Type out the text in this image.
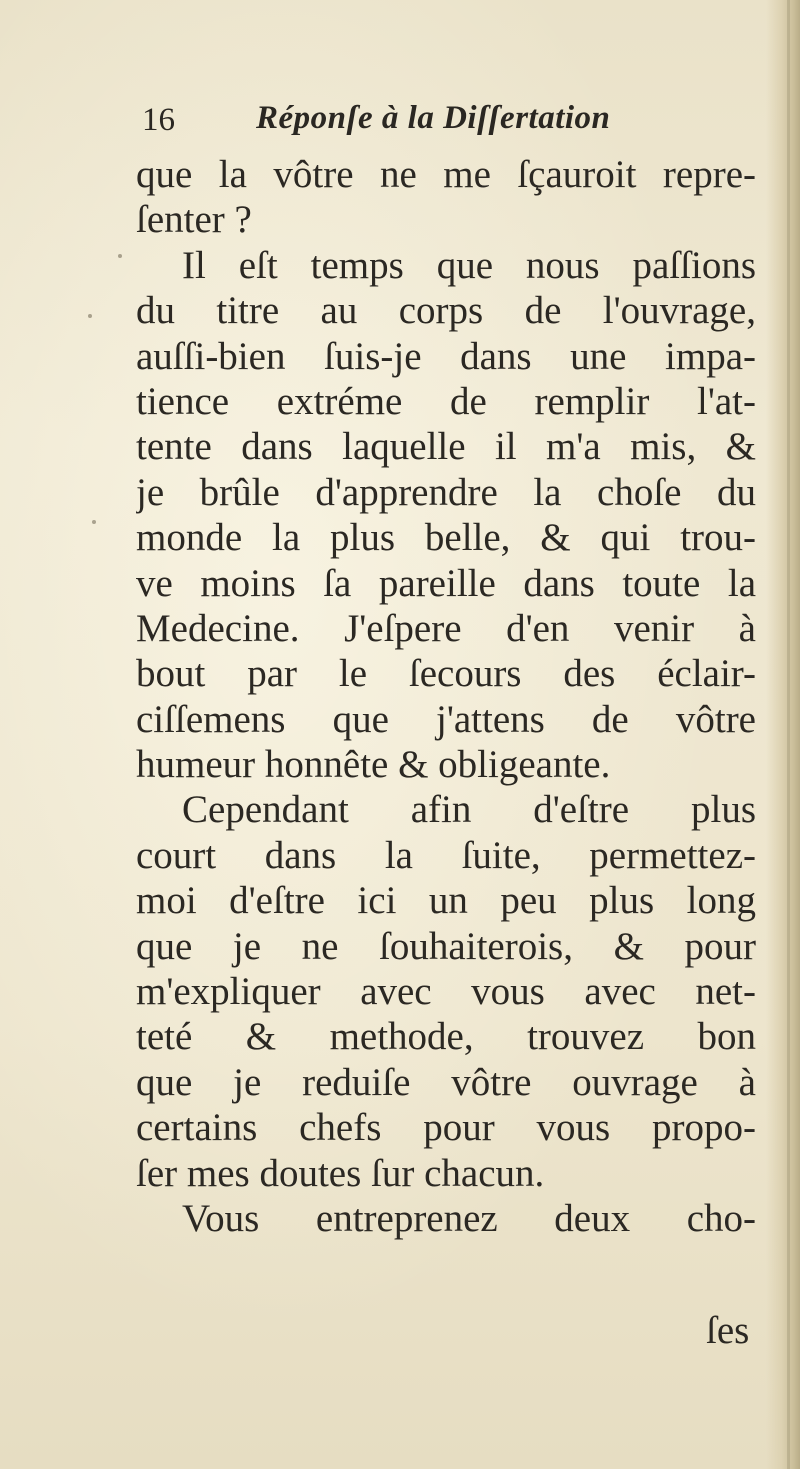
16 Réponſe à la Diſſertation
que la vôtre ne me ſçauroit repre-
ſenter ?
Il eſt temps que nous paſſions
du titre au corps de l'ouvrage,
auſſi-bien ſuis-je dans une impa-
tience extréme de remplir l'at-
tente dans laquelle il m'a mis, &
je brûle d'apprendre la choſe du
monde la plus belle, & qui trou-
ve moins ſa pareille dans toute la
Medecine. J'eſpere d'en venir à
bout par le ſecours des éclair-
ciſſemens que j'attens de vôtre
humeur honnête & obligeante.
Cependant afin d'eſtre plus
court dans la ſuite, permettez-
moi d'eſtre ici un peu plus long
que je ne ſouhaiterois, & pour
m'expliquer avec vous avec net-
teté & methode, trouvez bon
que je reduiſe vôtre ouvrage à
certains chefs pour vous propo-
ſer mes doutes ſur chacun.
Vous entreprenez deux cho-
ſes
